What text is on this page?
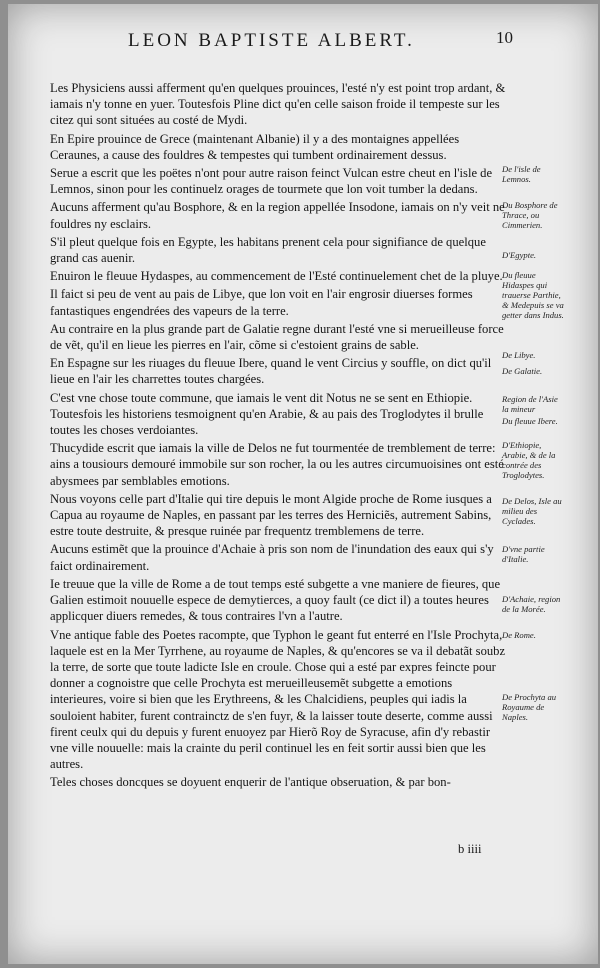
LEON BAPTISTE ALBERT.	10

Les Physiciens aussi afferment qu'en quelques prouinces, l'esté n'y est point trop ardant, & iamais n'y tonne en yuer. Toutesfois Pline dict qu'en celle saison froide il tempeste sur les citez qui sont situées au costé de Mydi.

En Epire prouince de Grece (maintenant Albanie) il y a des montaignes appellées Ceraunes, a cause des fouldres & tempestes qui tumbent ordinairement dessus.

Serue a escrit que les poëtes n'ont pour autre raison feinct Vulcan estre cheut en l'isle de Lemnos, sinon pour les continuelz orages de tourmete que lon voit tumber la dedans.

Aucuns afferment qu'au Bosphore, & en la region appellée Insodone, iamais on n'y veit ne fouldres ny esclairs.

S'il pleut quelque fois en Egypte, les habitans prenent cela pour signifiance de quelque grand cas auenir.

Enuiron le fleuue Hydaspes, au commencement de l'Esté continuelement chet de la pluye.

Il faict si peu de vent au pais de Libye, que lon voit en l'air engrosir diuerses formes fantastiques engendrées des vapeurs de la terre.

Au contraire en la plus grande part de Galatie regne durant l'esté vne si merueilleuse force de vẽt, qu'il en lieue les pierres en l'air, cõme si c'estoient grains de sable.

En Espagne sur les riuages du fleuue Ibere, quand le vent Circius y souffle, on dict qu'il lieue en l'air les charrettes toutes chargées.

C'est vne chose toute commune, que iamais le vent dit Notus ne se sent en Ethiopie. Toutesfois les historiens tesmoignent qu'en Arabie, & au pais des Troglodytes il brulle toutes les choses verdoiantes.

Thucydide escrit que iamais la ville de Delos ne fut tourmentée de tremblement de terre: ains a tousiours demouré immobile sur son rocher, la ou les autres circumuoisines ont esté abysmees par semblables emotions.

Nous voyons celle part d'Italie qui tire depuis le mont Algide proche de Rome iusques a Capua au royaume de Naples, en passant par les terres des Herniciẽs, autrement Sabins, estre toute destruite, & presque ruinée par frequentz tremblemens de terre.

Aucuns estimẽt que la prouince d'Achaie à pris son nom de l'inundation des eaux qui s'y faict ordinairement.

Ie treuue que la ville de Rome a de tout temps esté subgette a vne maniere de fieures, que Galien estimoit nouuelle espece de demytierces, a quoy fault (ce dict il) a toutes heures applicquer diuers remedes, & tous contraires l'vn a l'autre.

Vne antique fable des Poetes racompte, que Typhon le geant fut enterré en l'Isle Prochyta, laquele est en la Mer Tyrrhene, au royaume de Naples, & qu'encores se va il debatãt soubz la terre, de sorte que toute ladicte Isle en croule. Chose qui a esté par expres feincte pour donner a cognoistre que celle Prochyta est merueilleusemẽt subgette a emotions interieures, voire si bien que les Erythreens, & les Chalcidiens, peuples qui iadis la souloient habiter, furent contrainctz de s'en fuyr, & la laisser toute deserte, comme aussi firent ceulx qui du depuis y furent enuoyez par Hierõ Roy de Syracuse, afin d'y rebastir vne ville nouuelle: mais la crainte du peril continuel les en feit sortir aussi bien que les autres.

Teles choses doncques se doyuent enquerir de l'antique obseruation, & par bon-

De l'isle de Lemnos.
Du Bosphore de Thrace, ou Cimmerien.
D'Egypte.
Du fleuue Hidaspes qui trauerse Parthie, & Medepuis se va getter dans Indus.
De Libye.
De Galatie.
Region de l'Asie la mineur
Du fleuue Ibere.
D'Ethiopie, Arabie, & de la contrée des Troglodytes.
De Delos, Isle au milieu des Cyclades.
D'vne partie d'Italie.
D'Achaie, region de la Morée.
De Rome.
De Prochyta au Royaume de Naples.
b iiii
